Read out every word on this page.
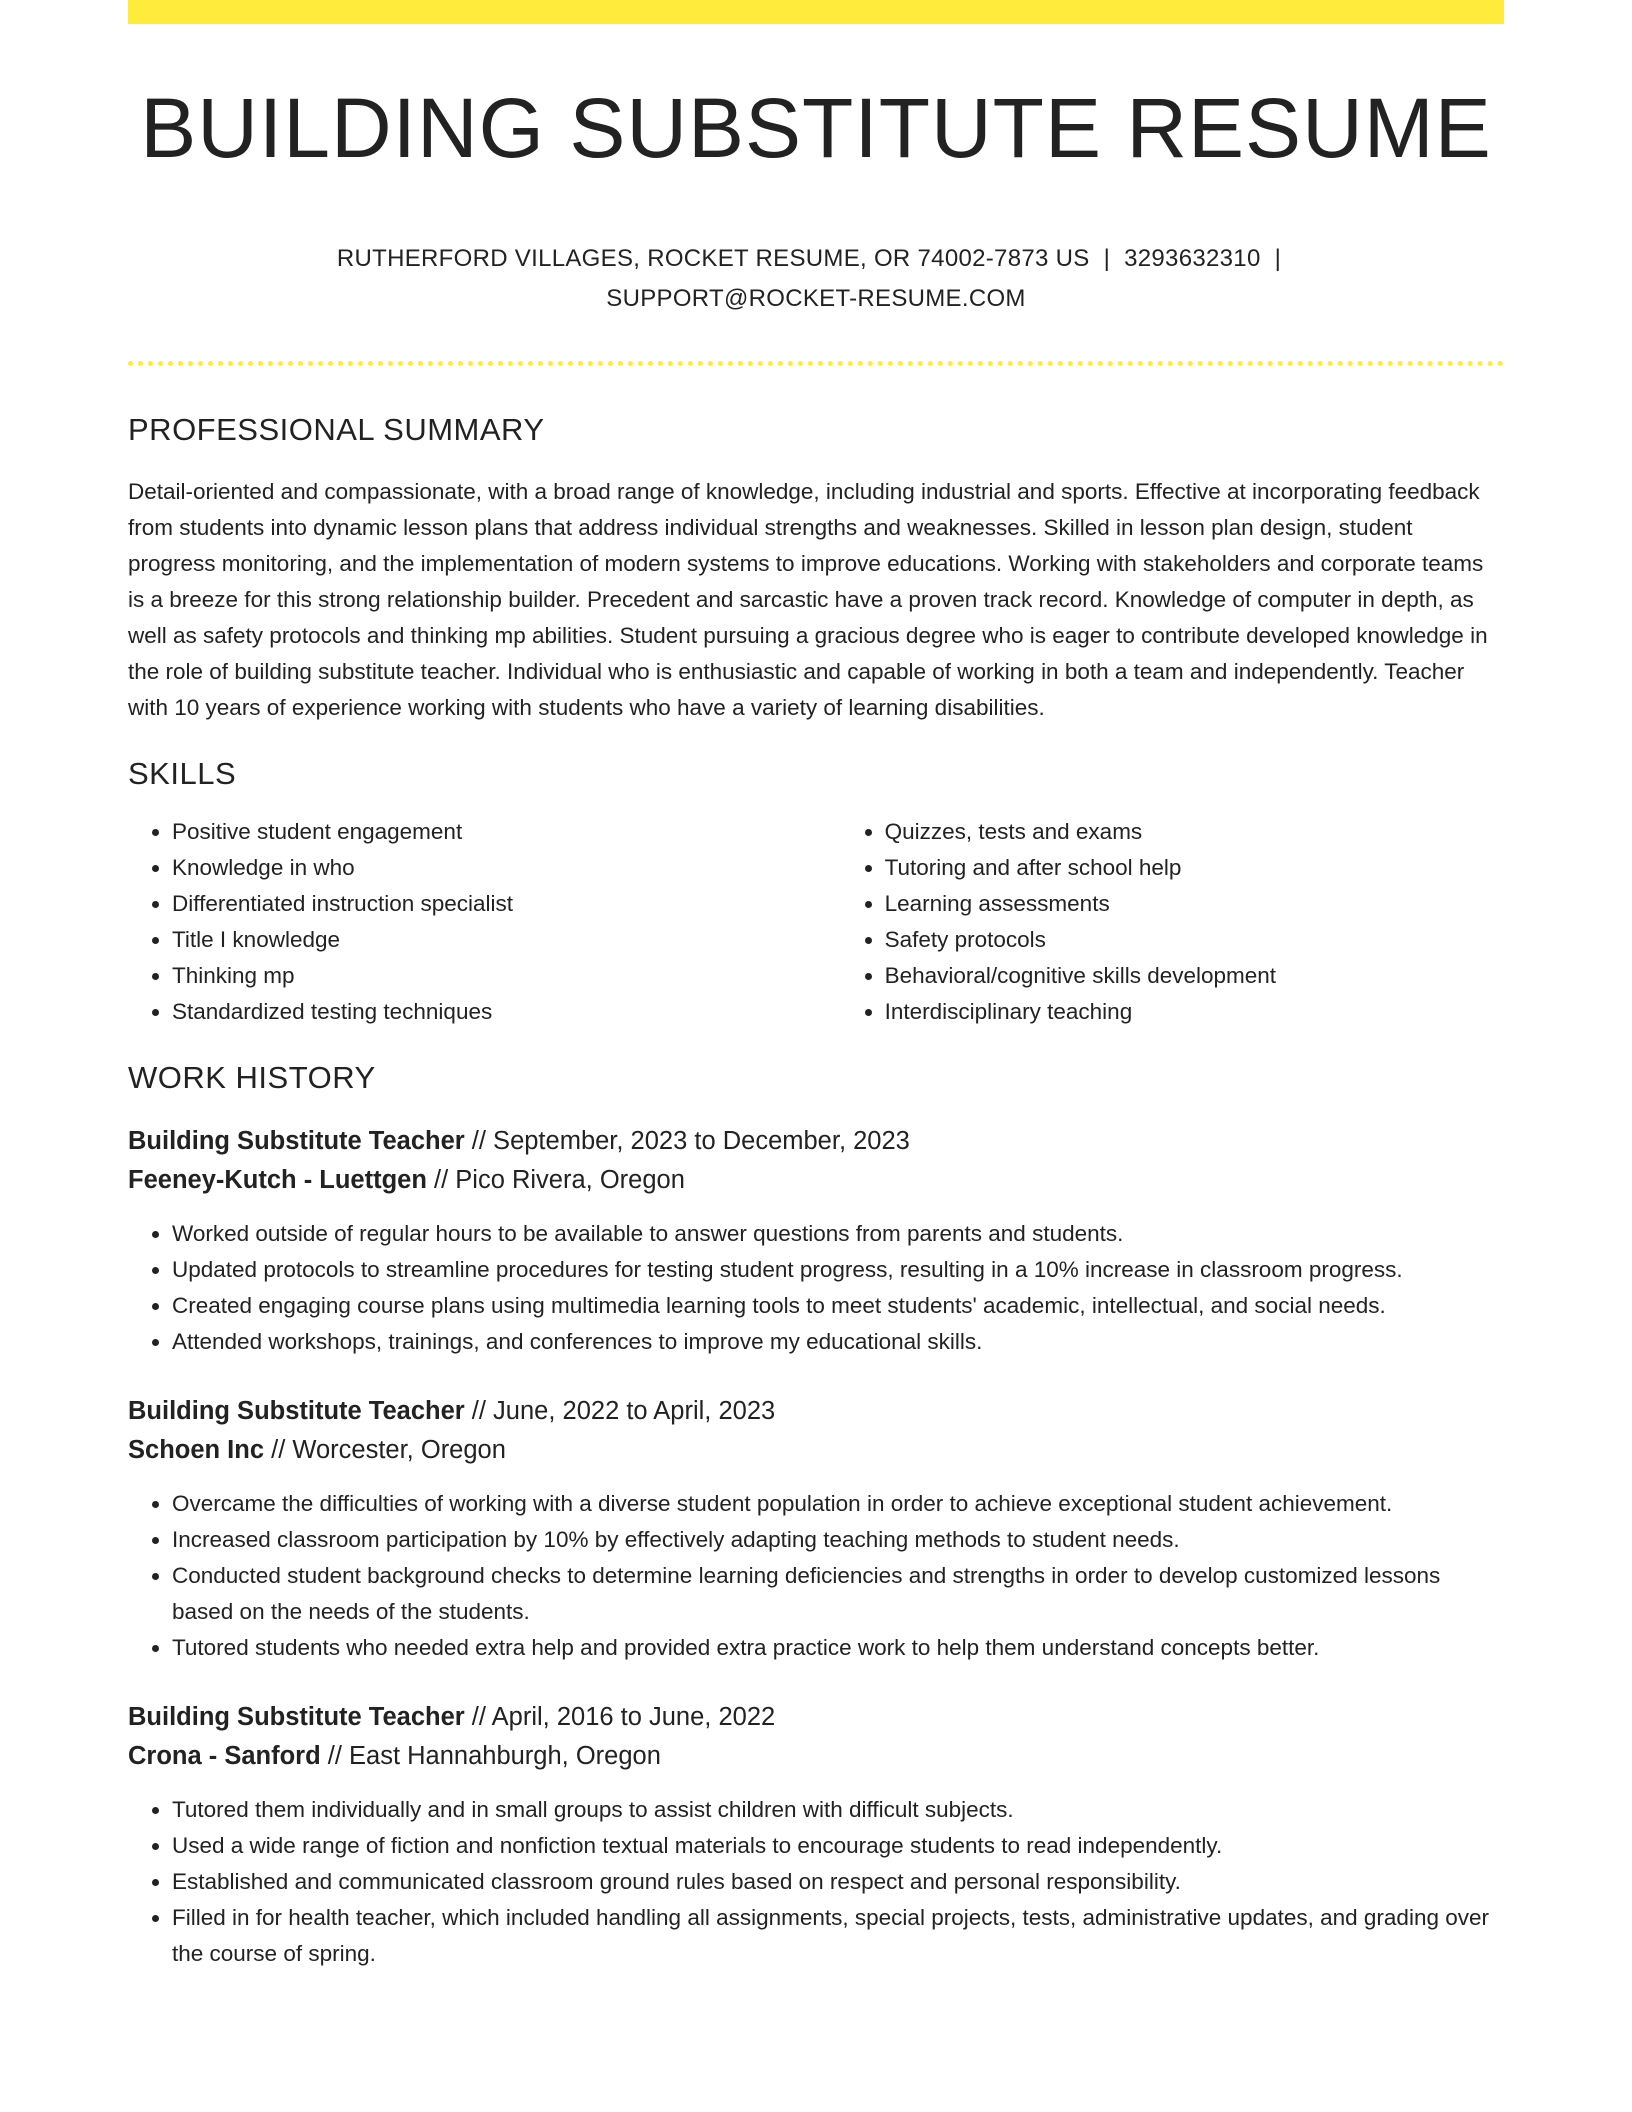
BUILDING SUBSTITUTE RESUME
RUTHERFORD VILLAGES, ROCKET RESUME, OR 74002-7873 US | 3293632310 |
SUPPORT@ROCKET-RESUME.COM
PROFESSIONAL SUMMARY

Detail-oriented and compassionate, with a broad range of knowledge, including industrial and sports. Effective at incorporating feedback from students into dynamic lesson plans that address individual strengths and weaknesses. Skilled in lesson plan design, student progress monitoring, and the implementation of modern systems to improve educations. Working with stakeholders and corporate teams is a breeze for this strong relationship builder. Precedent and sarcastic have a proven track record. Knowledge of computer in depth, as well as safety protocols and thinking mp abilities. Student pursuing a gracious degree who is eager to contribute developed knowledge in the role of building substitute teacher. Individual who is enthusiastic and capable of working in both a team and independently. Teacher with 10 years of experience working with students who have a variety of learning disabilities.

SKILLS
• Positive student engagement
• Knowledge in who
• Differentiated instruction specialist
• Title I knowledge
• Thinking mp
• Standardized testing techniques
• Quizzes, tests and exams
• Tutoring and after school help
• Learning assessments
• Safety protocols
• Behavioral/cognitive skills development
• Interdisciplinary teaching
WORK HISTORY
Building Substitute Teacher // September, 2023 to December, 2023
Feeney-Kutch - Luettgen // Pico Rivera, Oregon
• Worked outside of regular hours to be available to answer questions from parents and students.
• Updated protocols to streamline procedures for testing student progress, resulting in a 10% increase in classroom progress.
• Created engaging course plans using multimedia learning tools to meet students' academic, intellectual, and social needs.
• Attended workshops, trainings, and conferences to improve my educational skills.
Building Substitute Teacher // June, 2022 to April, 2023
Schoen Inc // Worcester, Oregon
• Overcame the difficulties of working with a diverse student population in order to achieve exceptional student achievement.
• Increased classroom participation by 10% by effectively adapting teaching methods to student needs.
• Conducted student background checks to determine learning deficiencies and strengths in order to develop customized lessons based on the needs of the students.
• Tutored students who needed extra help and provided extra practice work to help them understand concepts better.
Building Substitute Teacher // April, 2016 to June, 2022
Crona - Sanford // East Hannahburgh, Oregon
• Tutored them individually and in small groups to assist children with difficult subjects.
• Used a wide range of fiction and nonfiction textual materials to encourage students to read independently.
• Established and communicated classroom ground rules based on respect and personal responsibility.
• Filled in for health teacher, which included handling all assignments, special projects, tests, administrative updates, and grading over the course of spring.
